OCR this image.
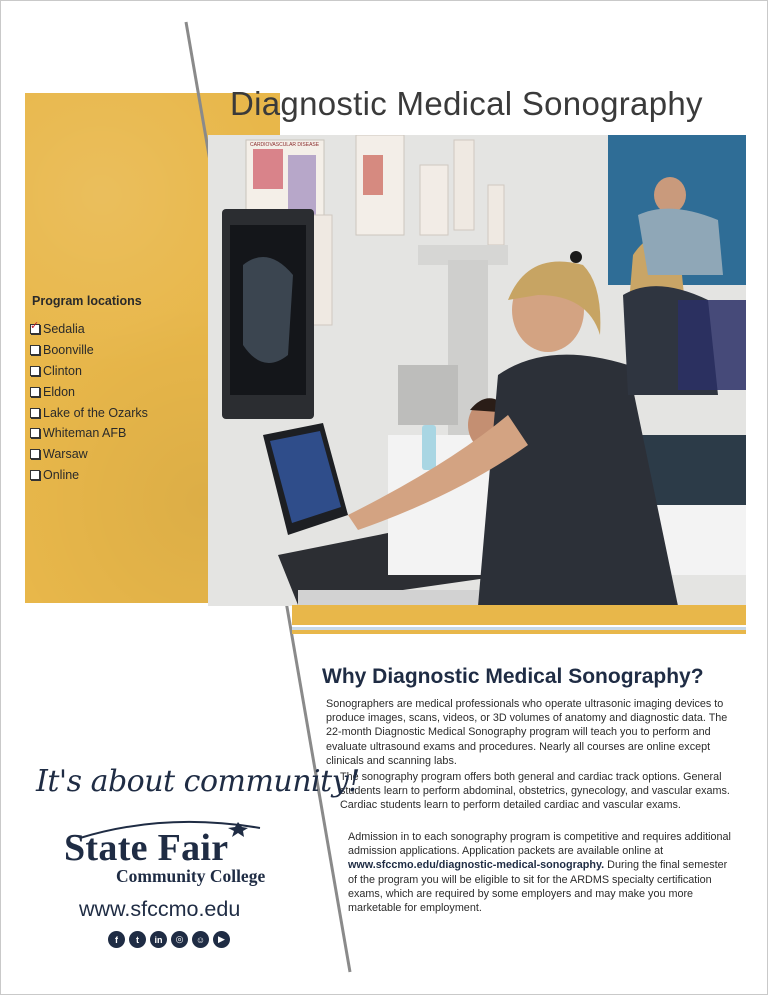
Program locations
✓
Sedalia
Boonville
Clinton
Eldon
Lake of the Ozarks
Whiteman AFB
Warsaw
Online
Diagnostic Medical Sonography
CARDIOVASCULAR DISEASE
Why Diagnostic Medical Sonography?

Sonographers are medical professionals who operate ultrasonic imaging devices to produce images, scans, videos, or 3D volumes of anatomy and diagnostic data. The 22-month Diagnostic Medical Sonography program will teach you to perform and evaluate ultrasound exams and procedures. Nearly all courses are online except clinicals and scanning labs.

The sonography program offers both general and cardiac track options. General students learn to perform abdominal, obstetrics, gynecology, and vascular exams. Cardiac students learn to perform detailed cardiac and vascular exams.

Admission in to each sonography program is competitive and requires additional admission applications. Application packets are available online at www.sfccmo.edu/diagnostic-medical-sonography. During the final semester of the program you will be eligible to sit for the ARDMS specialty certification exams, which are required by some employers and may make you more marketable for employment.

It's about community!
State Fair
Community College
www.sfccmo.edu
f	t	in	◎	☺	▶
